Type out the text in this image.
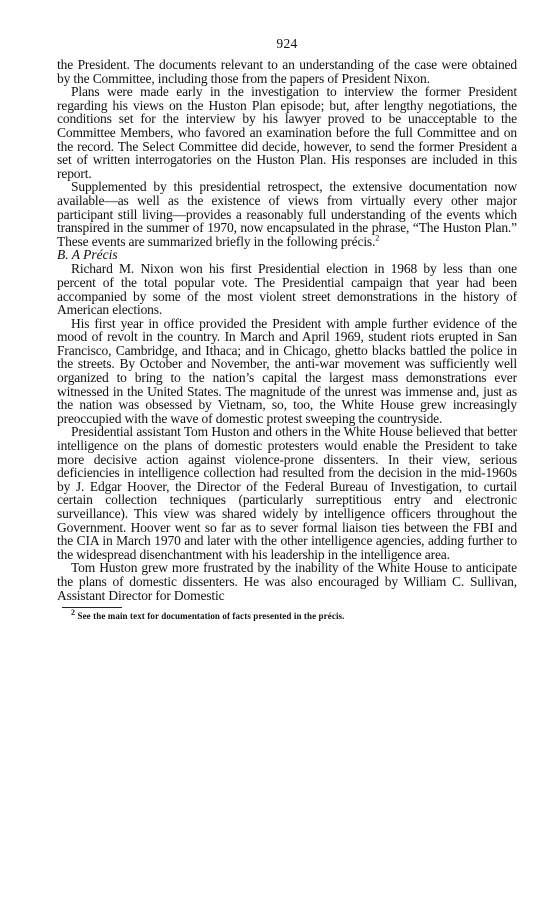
924

the President. The documents relevant to an understanding of the case were obtained by the Committee, including those from the papers of President Nixon.

Plans were made early in the investigation to interview the former President regarding his views on the Huston Plan episode; but, after lengthy negotiations, the conditions set for the interview by his lawyer proved to be unacceptable to the Committee Members, who favored an examination before the full Committee and on the record. The Select Committee did decide, however, to send the former President a set of written interrogatories on the Huston Plan. His responses are included in this report.

Supplemented by this presidential retrospect, the extensive documentation now available—as well as the existence of views from virtually every other major participant still living—provides a reasonably full understanding of the events which transpired in the summer of 1970, now encapsulated in the phrase, “The Huston Plan.” These events are summarized briefly in the following précis.$^2$

B. A Précis

Richard M. Nixon won his first Presidential election in 1968 by less than one percent of the total popular vote. The Presidential campaign that year had been accompanied by some of the most violent street demonstrations in the history of American elections.

His first year in office provided the President with ample further evidence of the mood of revolt in the country. In March and April 1969, student riots erupted in San Francisco, Cambridge, and Ithaca; and in Chicago, ghetto blacks battled the police in the streets. By October and November, the anti-war movement was sufficiently well organized to bring to the nation’s capital the largest mass demonstrations ever witnessed in the United States. The magnitude of the unrest was immense and, just as the nation was obsessed by Vietnam, so, too, the White House grew increasingly preoccupied with the wave of domestic protest sweeping the countryside.

Presidential assistant Tom Huston and others in the White House believed that better intelligence on the plans of domestic protesters would enable the President to take more decisive action against violence-prone dissenters. In their view, serious deficiencies in intelligence collection had resulted from the decision in the mid-1960s by J. Edgar Hoover, the Director of the Federal Bureau of Investigation, to curtail certain collection techniques (particularly surreptitious entry and electronic surveillance). This view was shared widely by intelligence officers throughout the Government. Hoover went so far as to sever formal liaison ties between the FBI and the CIA in March 1970 and later with the other intelligence agencies, adding further to the widespread disenchantment with his leadership in the intelligence area.

Tom Huston grew more frustrated by the inability of the White House to anticipate the plans of domestic dissenters. He was also encouraged by William C. Sullivan, Assistant Director for Domestic

$^2$ See the main text for documentation of facts presented in the précis.
